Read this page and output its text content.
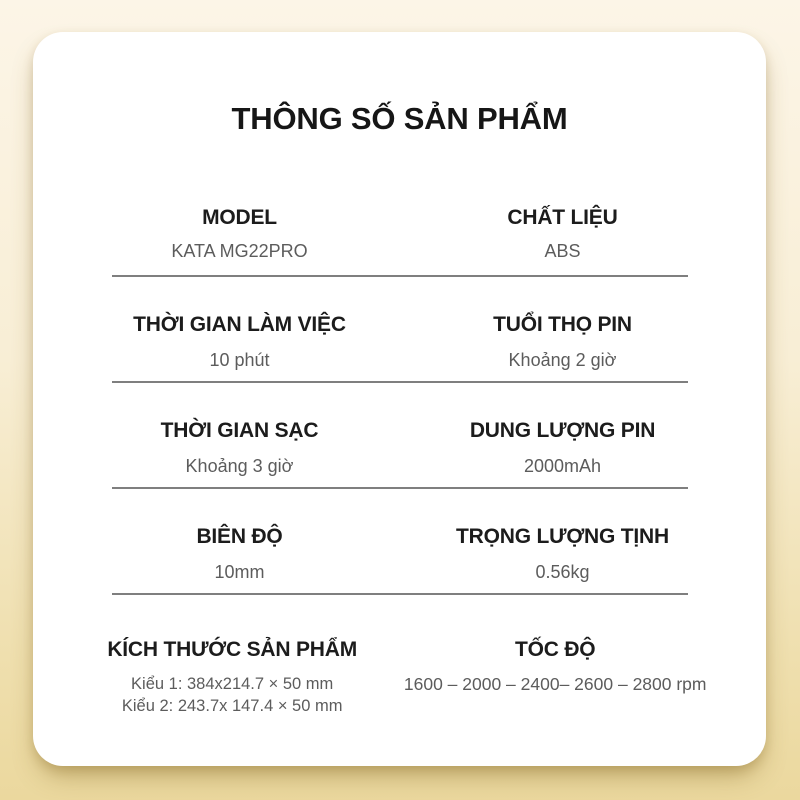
THÔNG SỐ SẢN PHẨM
MODEL
KATA MG22PRO
CHẤT LIỆU
ABS
THỜI GIAN LÀM VIỆC
10 phút
TUỔI THỌ PIN
Khoảng 2 giờ
THỜI GIAN SẠC
Khoảng 3 giờ
DUNG LƯỢNG PIN
2000mAh
BIÊN ĐỘ
10mm
TRỌNG LƯỢNG TỊNH
0.56kg
KÍCH THƯỚC SẢN PHẨM
Kiểu 1: 384x214.7 × 50 mm
Kiểu 2: 243.7x 147.4 × 50 mm
TỐC ĐỘ
1600 – 2000 – 2400– 2600 – 2800 rpm
